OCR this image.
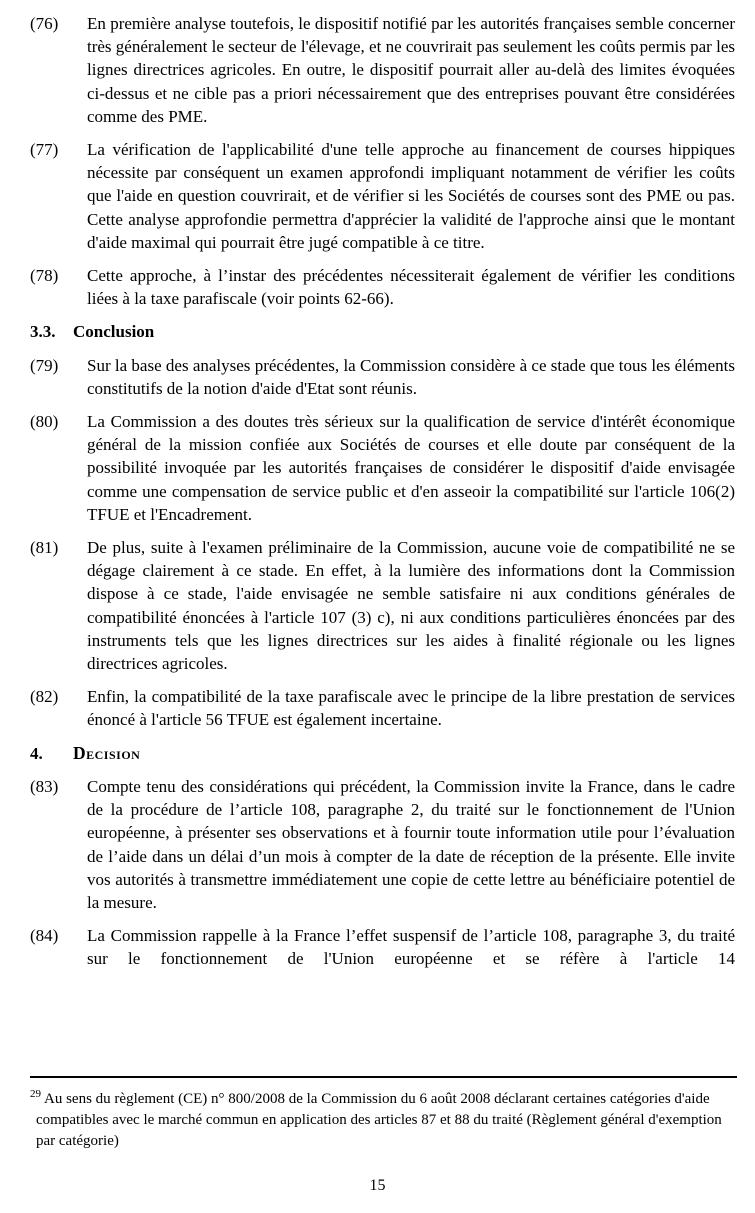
(76)	En première analyse toutefois, le dispositif notifié par les autorités françaises semble concerner très généralement le secteur de l'élevage, et ne couvrirait pas seulement les coûts permis par les lignes directrices agricoles. En outre, le dispositif pourrait aller au-delà des limites évoquées ci-dessus et ne cible pas a priori nécessairement que des entreprises pouvant être considérées comme des PME.
(77)	La vérification de l'applicabilité d'une telle approche au financement de courses hippiques nécessite par conséquent un examen approfondi impliquant notamment de vérifier les coûts que l'aide en question couvrirait, et de vérifier si les Sociétés de courses sont des PME ou pas. Cette analyse approfondie permettra d'apprécier la validité de l'approche ainsi que le montant d'aide maximal qui pourrait être jugé compatible à ce titre.
(78)	Cette approche, à l’instar des précédentes nécessiterait également de vérifier les conditions liées à la taxe parafiscale (voir points 62-66).
3.3.	Conclusion
(79)	Sur la base des analyses précédentes, la Commission considère à ce stade que tous les éléments constitutifs de la notion d'aide d'Etat sont réunis.
(80)	La Commission a des doutes très sérieux sur la qualification de service d'intérêt économique général de la mission confiée aux Sociétés de courses et elle doute par conséquent de la possibilité invoquée par les autorités françaises de considérer le dispositif d'aide envisagée comme une compensation de service public et d'en asseoir la compatibilité sur l'article 106(2) TFUE et l'Encadrement.
(81)	De plus, suite à l'examen préliminaire de la Commission, aucune voie de compatibilité ne se dégage clairement à ce stade. En effet, à la lumière des informations dont la Commission dispose à ce stade, l'aide envisagée ne semble satisfaire ni aux conditions générales de compatibilité énoncées à l'article 107 (3) c), ni aux conditions particulières énoncées par des instruments tels que les lignes directrices sur les aides à finalité régionale ou les lignes directrices agricoles.
(82)	Enfin, la compatibilité de la taxe parafiscale avec le principe de la libre prestation de services énoncé à l'article 56 TFUE est également incertaine.
4.	Decision
(83)	Compte tenu des considérations qui précédent, la Commission invite la France, dans le cadre de la procédure de l’article 108, paragraphe 2, du traité sur le fonctionnement de l'Union européenne, à présenter ses observations et à fournir toute information utile pour l’évaluation de l’aide dans un délai d’un mois à compter de la date de réception de la présente. Elle invite vos autorités à transmettre immédiatement une copie de cette lettre au bénéficiaire potentiel de la mesure.
(84)	La Commission rappelle à la France l’effet suspensif de l’article 108, paragraphe 3, du traité sur le fonctionnement de l'Union européenne et se réfère à l'article 14
$^{29}$ Au sens du règlement (CE) n° 800/2008 de la Commission du 6 août 2008 déclarant certaines catégories d'aide compatibles avec le marché commun en application des articles 87 et 88 du traité (Règlement général d'exemption par catégorie)
15
